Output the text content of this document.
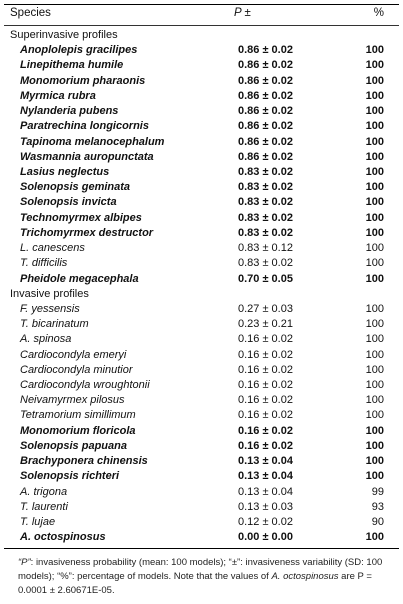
Species	P ±	%
Superinvasive profiles
Anoplolepis gracilipes	0.86 ± 0.02	100
Linepithema humile	0.86 ± 0.02	100
Monomorium pharaonis	0.86 ± 0.02	100
Myrmica rubra	0.86 ± 0.02	100
Nylanderia pubens	0.86 ± 0.02	100
Paratrechina longicornis	0.86 ± 0.02	100
Tapinoma melanocephalum	0.86 ± 0.02	100
Wasmannia auropunctata	0.86 ± 0.02	100
Lasius neglectus	0.83 ± 0.02	100
Solenopsis geminata	0.83 ± 0.02	100
Solenopsis invicta	0.83 ± 0.02	100
Technomyrmex albipes	0.83 ± 0.02	100
Trichomyrmex destructor	0.83 ± 0.02	100
L. canescens	0.83 ± 0.12	100
T. difficilis	0.83 ± 0.02	100
Pheidole megacephala	0.70 ± 0.05	100
Invasive profiles
F. yessensis	0.27 ± 0.03	100
T. bicarinatum	0.23 ± 0.21	100
A. spinosa	0.16 ± 0.02	100
Cardiocondyla emeryi	0.16 ± 0.02	100
Cardiocondyla minutior	0.16 ± 0.02	100
Cardiocondyla wroughtonii	0.16 ± 0.02	100
Neivamyrmex pilosus	0.16 ± 0.02	100
Tetramorium simillimum	0.16 ± 0.02	100
Monomorium floricola	0.16 ± 0.02	100
Solenopsis papuana	0.16 ± 0.02	100
Brachyponera chinensis	0.13 ± 0.04	100
Solenopsis richteri	0.13 ± 0.04	100
A. trigona	0.13 ± 0.04	99
T. laurenti	0.13 ± 0.03	93
T. lujae	0.12 ± 0.02	90
A. octospinosus	0.00 ± 0.00	100
“P”: invasiveness probability (mean: 100 models); “±”: invasiveness variability (SD: 100 models); “%”: percentage of models. Note that the values of A. octospinosus are P = 0.0001 ± 2.60671E-05.
